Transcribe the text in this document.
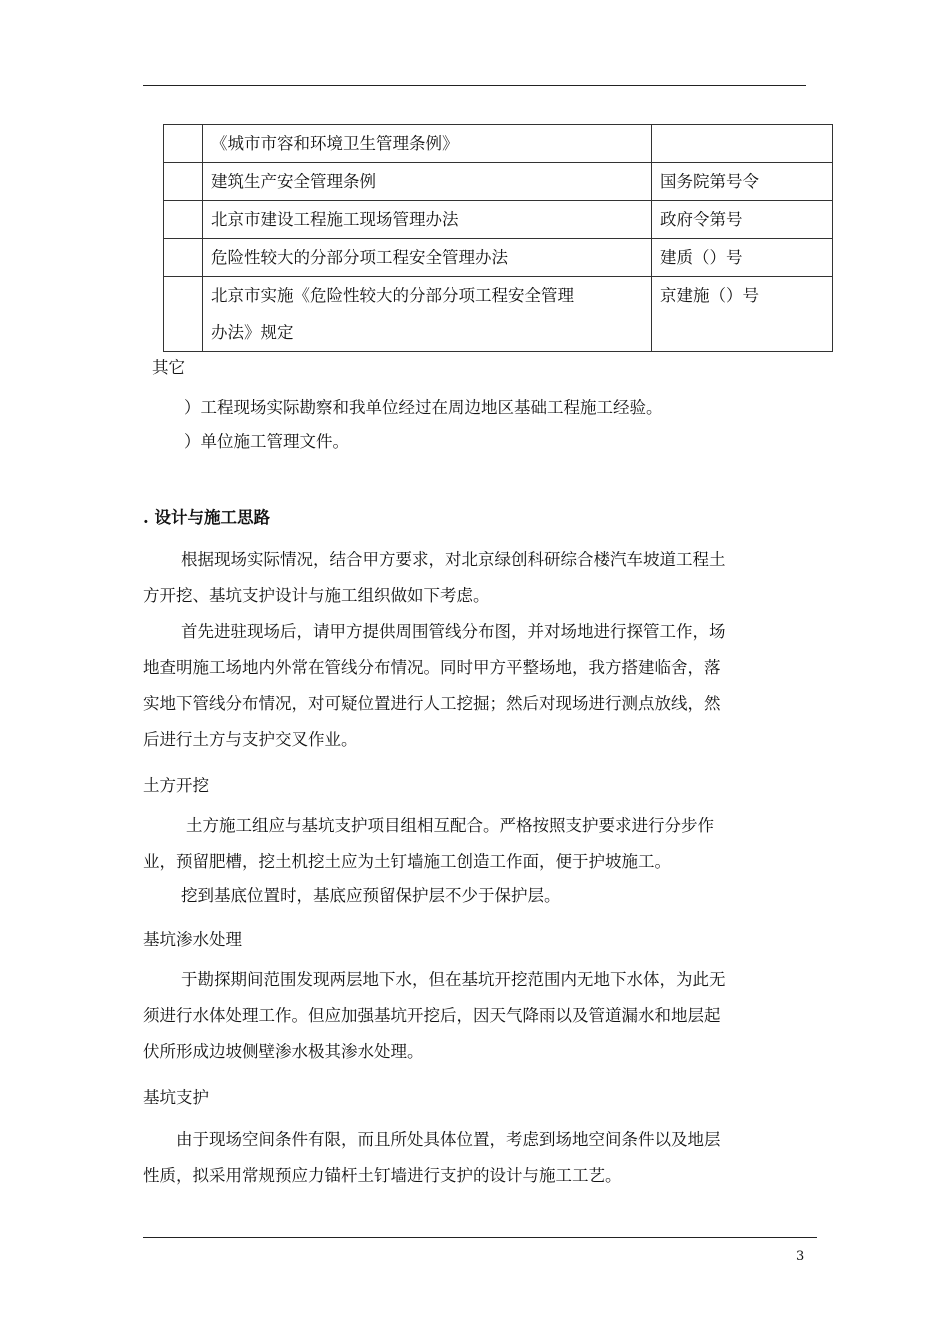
	《城市市容和环境卫生管理条例》	
	建筑生产安全管理条例	国务院第号令
	北京市建设工程施工现场管理办法	政府令第号
	危险性较大的分部分项工程安全管理办法	建质（）号

	北京市实施《危险性较大的分部分项工程安全管理
办法》规定	京建施（）号
其它
）工程现场实际勘察和我单位经过在周边地区基础工程施工经验。
）单位施工管理文件。
. 设计与施工思路
根据现场实际情况，结合甲方要求，对北京绿创科研综合楼汽车坡道工程土
方开挖、基坑支护设计与施工组织做如下考虑。
首先进驻现场后，请甲方提供周围管线分布图，并对场地进行探管工作，场
地查明施工场地内外常在管线分布情况。同时甲方平整场地，我方搭建临舍，落
实地下管线分布情况，对可疑位置进行人工挖掘；然后对现场进行测点放线，然
后进行土方与支护交叉作业。
土方开挖
土方施工组应与基坑支护项目组相互配合。严格按照支护要求进行分步作
业，预留肥槽，挖土机挖土应为土钉墙施工创造工作面，便于护坡施工。
挖到基底位置时，基底应预留保护层不少于保护层。
基坑渗水处理
于勘探期间范围发现两层地下水，但在基坑开挖范围内无地下水体，为此无
须进行水体处理工作。但应加强基坑开挖后，因天气降雨以及管道漏水和地层起
伏所形成边坡侧壁渗水极其渗水处理。
基坑支护
由于现场空间条件有限，而且所处具体位置，考虑到场地空间条件以及地层
性质，拟采用常规预应力锚杆土钉墙进行支护的设计与施工工艺。
3
